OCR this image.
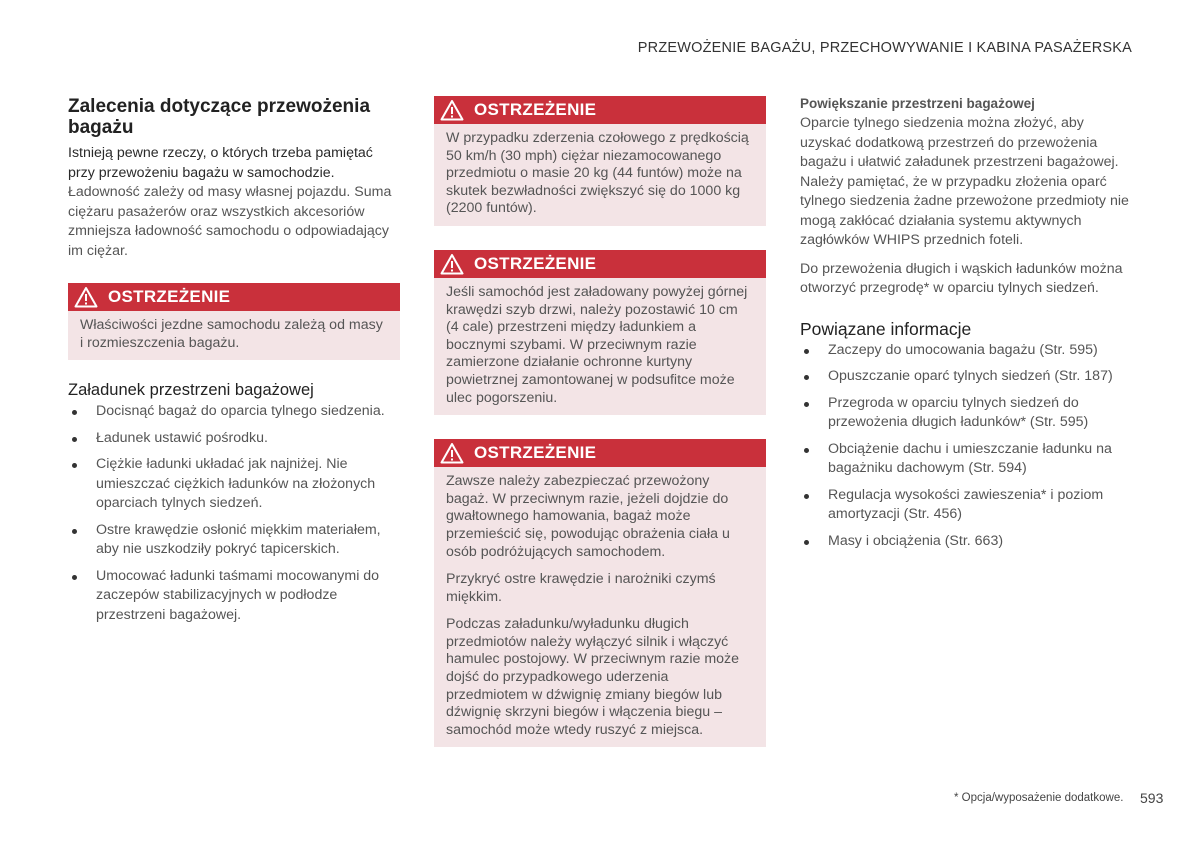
PRZEWOŻENIE BAGAŻU, PRZECHOWYWANIE I KABINA PASAŻERSKA
Zalecenia dotyczące przewożenia bagażu

Istnieją pewne rzeczy, o których trzeba pamiętać przy przewożeniu bagażu w samochodzie.

Ładowność zależy od masy własnej pojazdu. Suma ciężaru pasażerów oraz wszystkich akcesoriów zmniejsza ładowność samochodu o odpowiadający im ciężar.

OSTRZEŻENIE

Właściwości jezdne samochodu zależą od masy i rozmieszczenia bagażu.

Załadunek przestrzeni bagażowej
Docisnąć bagaż do oparcia tylnego siedzenia.
Ładunek ustawić pośrodku.
Ciężkie ładunki układać jak najniżej. Nie umieszczać ciężkich ładunków na złożonych oparciach tylnych siedzeń.
Ostre krawędzie osłonić miękkim materiałem, aby nie uszkodziły pokryć tapicerskich.
Umocować ładunki taśmami mocowanymi do zaczepów stabilizacyjnych w podłodze przestrzeni bagażowej.
OSTRZEŻENIE

W przypadku zderzenia czołowego z prędkością 50 km/h (30 mph) ciężar niezamocowanego przedmiotu o masie 20 kg (44 funtów) może na skutek bezwładności zwiększyć się do 1000 kg (2200 funtów).

OSTRZEŻENIE

Jeśli samochód jest załadowany powyżej górnej krawędzi szyb drzwi, należy pozostawić 10 cm (4 cale) przestrzeni między ładunkiem a bocznymi szybami. W przeciwnym razie zamierzone działanie ochronne kurtyny powietrznej zamontowanej w podsufitce może ulec pogorszeniu.

OSTRZEŻENIE

Zawsze należy zabezpieczać przewożony bagaż. W przeciwnym razie, jeżeli dojdzie do gwałtownego hamowania, bagaż może przemieścić się, powodując obrażenia ciała u osób podróżujących samochodem.

Przykryć ostre krawędzie i narożniki czymś miękkim.

Podczas załadunku/wyładunku długich przedmiotów należy wyłączyć silnik i włączyć hamulec postojowy. W przeciwnym razie może dojść do przypadkowego uderzenia przedmiotem w dźwignię zmiany biegów lub dźwignię skrzyni biegów i włączenia biegu – samochód może wtedy ruszyć z miejsca.

Powiększanie przestrzeni bagażowej

Oparcie tylnego siedzenia można złożyć, aby uzyskać dodatkową przestrzeń do przewożenia bagażu i ułatwić załadunek przestrzeni bagażowej. Należy pamiętać, że w przypadku złożenia oparć tylnego siedzenia żadne przewożone przedmioty nie mogą zakłócać działania systemu aktywnych zagłówków WHIPS przednich foteli.

Do przewożenia długich i wąskich ładunków można otworzyć przegrodę* w oparciu tylnych siedzeń.

Powiązane informacje
Zaczepy do umocowania bagażu (Str. 595)
Opuszczanie oparć tylnych siedzeń (Str. 187)
Przegroda w oparciu tylnych siedzeń do przewożenia długich ładunków* (Str. 595)
Obciążenie dachu i umieszczanie ładunku na bagażniku dachowym (Str. 594)
Regulacja wysokości zawieszenia* i poziom amortyzacji (Str. 456)
Masy i obciążenia (Str. 663)
* Opcja/wyposażenie dodatkowe. 593
